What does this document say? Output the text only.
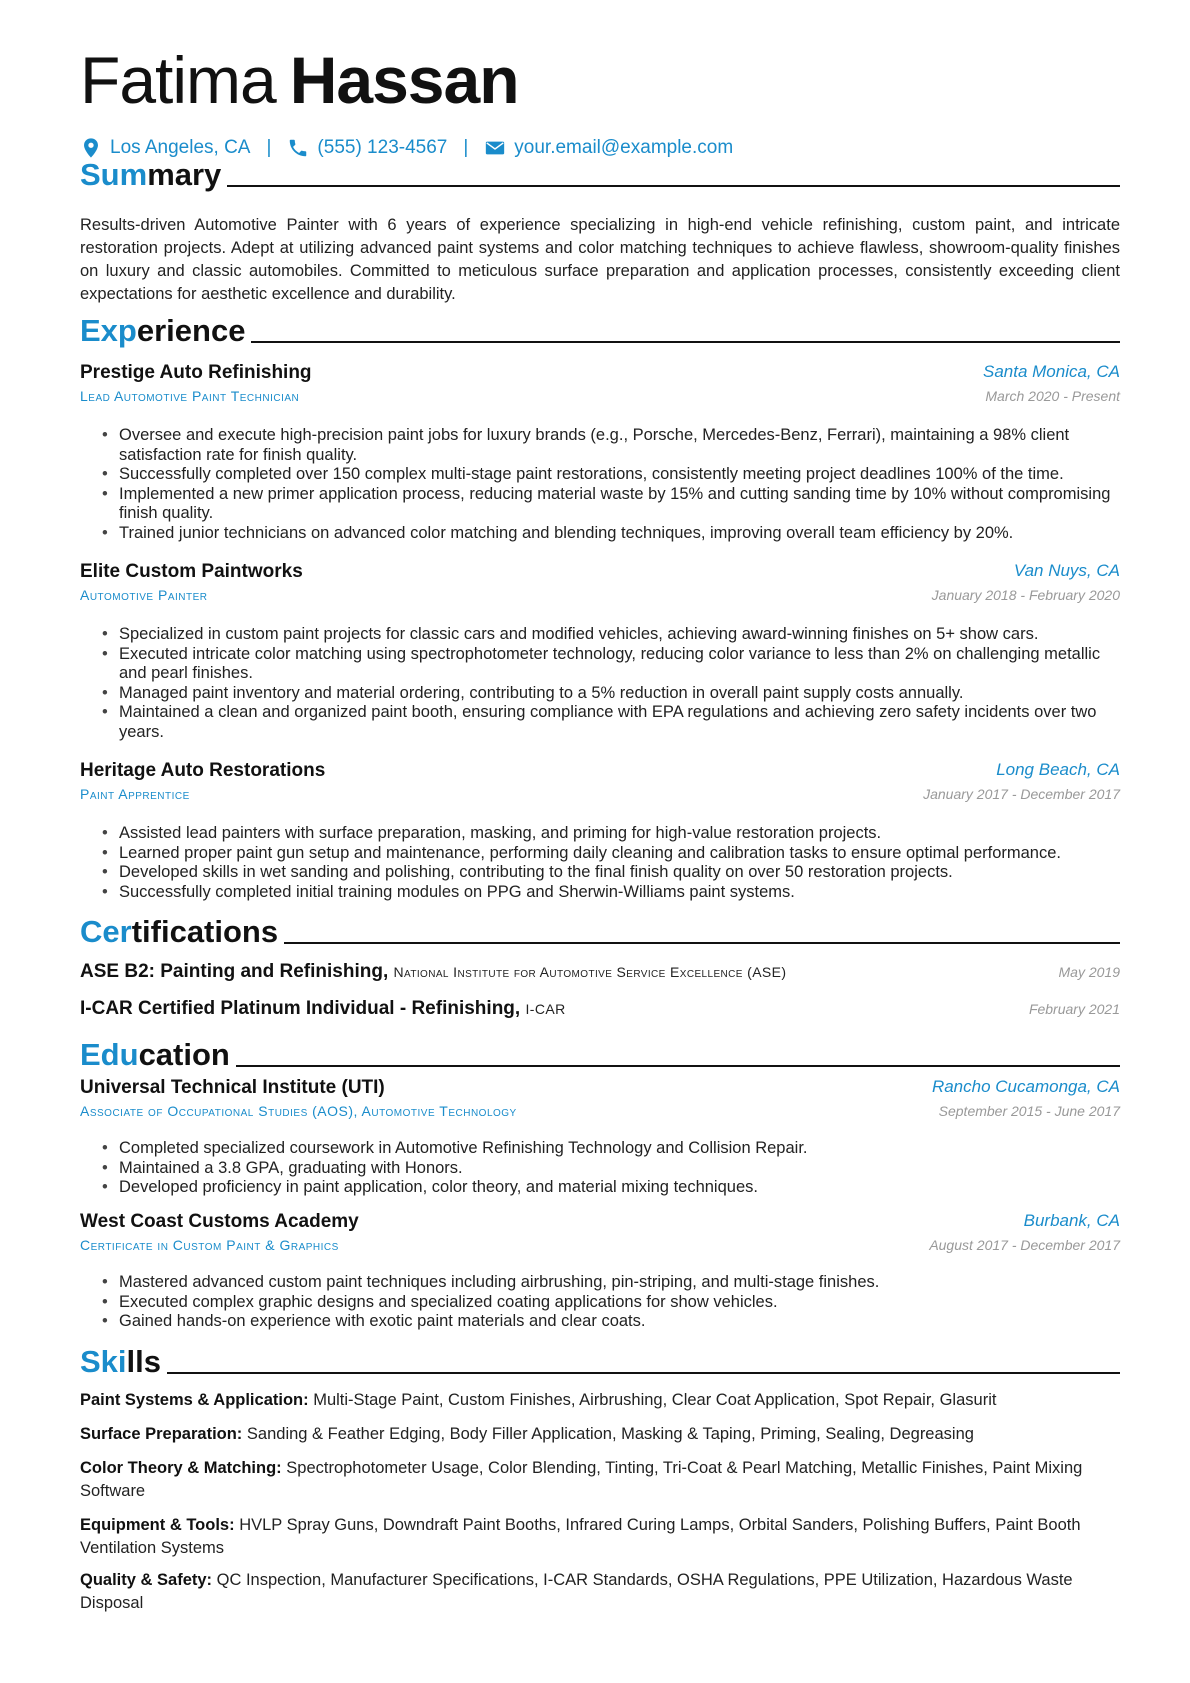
Fatima Hassan
Los Angeles, CA | (555) 123-4567 | your.email@example.com
Sum mary
Results-driven Automotive Painter with 6 years of experience specializing in high-end vehicle refinishing, custom paint, and intricate restoration projects. Adept at utilizing advanced paint systems and color matching techniques to achieve flawless, showroom-quality finishes on luxury and classic automobiles. Committed to meticulous surface preparation and application processes, consistently exceeding client expectations for aesthetic excellence and durability.
Exp erience
Prestige Auto Refinishing	Santa Monica, CA
Lead Automotive Paint Technician	March 2020 - Present
• Oversee and execute high-precision paint jobs for luxury brands (e.g., Porsche, Mercedes-Benz, Ferrari), maintaining a 98% client satisfaction rate for finish quality.
• Successfully completed over 150 complex multi-stage paint restorations, consistently meeting project deadlines 100% of the time.
• Implemented a new primer application process, reducing material waste by 15% and cutting sanding time by 10% without compromising finish quality.
• Trained junior technicians on advanced color matching and blending techniques, improving overall team efficiency by 20%.
Elite Custom Paintworks	Van Nuys, CA
Automotive Painter	January 2018 - February 2020
• Specialized in custom paint projects for classic cars and modified vehicles, achieving award-winning finishes on 5+ show cars.
• Executed intricate color matching using spectrophotometer technology, reducing color variance to less than 2% on challenging metallic and pearl finishes.
• Managed paint inventory and material ordering, contributing to a 5% reduction in overall paint supply costs annually.
• Maintained a clean and organized paint booth, ensuring compliance with EPA regulations and achieving zero safety incidents over two years.
Heritage Auto Restorations	Long Beach, CA
Paint Apprentice	January 2017 - December 2017
• Assisted lead painters with surface preparation, masking, and priming for high-value restoration projects.
• Learned proper paint gun setup and maintenance, performing daily cleaning and calibration tasks to ensure optimal performance.
• Developed skills in wet sanding and polishing, contributing to the final finish quality on over 50 restoration projects.
• Successfully completed initial training modules on PPG and Sherwin-Williams paint systems.
Cer tifications
ASE B2: Painting and Refinishing, National Institute for Automotive Service Excellence (ASE)	May 2019
I-CAR Certified Platinum Individual - Refinishing, I-CAR	February 2021
Edu cation
Universal Technical Institute (UTI)	Rancho Cucamonga, CA
Associate of Occupational Studies (AOS), Automotive Technology	September 2015 - June 2017
• Completed specialized coursework in Automotive Refinishing Technology and Collision Repair.
• Maintained a 3.8 GPA, graduating with Honors.
• Developed proficiency in paint application, color theory, and material mixing techniques.
West Coast Customs Academy	Burbank, CA
Certificate in Custom Paint & Graphics	August 2017 - December 2017
• Mastered advanced custom paint techniques including airbrushing, pin-striping, and multi-stage finishes.
• Executed complex graphic designs and specialized coating applications for show vehicles.
• Gained hands-on experience with exotic paint materials and clear coats.
Ski lls
Paint Systems & Application: Multi-Stage Paint, Custom Finishes, Airbrushing, Clear Coat Application, Spot Repair, Glasurit
Surface Preparation: Sanding & Feather Edging, Body Filler Application, Masking & Taping, Priming, Sealing, Degreasing
Color Theory & Matching: Spectrophotometer Usage, Color Blending, Tinting, Tri-Coat & Pearl Matching, Metallic Finishes, Paint Mixing Software
Equipment & Tools: HVLP Spray Guns, Downdraft Paint Booths, Infrared Curing Lamps, Orbital Sanders, Polishing Buffers, Paint Booth Ventilation Systems
Quality & Safety: QC Inspection, Manufacturer Specifications, I-CAR Standards, OSHA Regulations, PPE Utilization, Hazardous Waste Disposal
